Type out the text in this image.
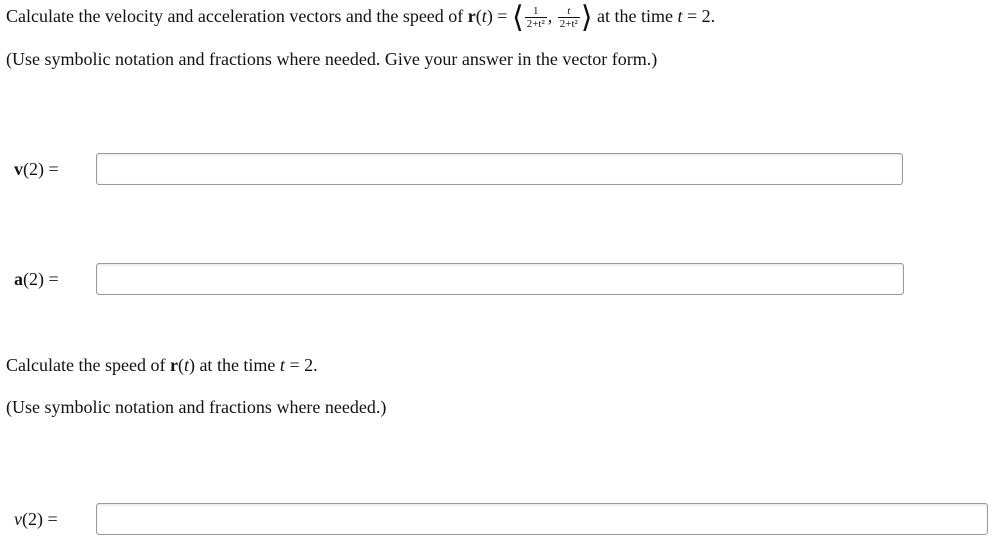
Calculate the velocity and acceleration vectors and the speed of r(t) = ⟨ $\frac{1}{\text{2+t²}}$ , $\frac{t}{\text{2+t²}}$ ⟩ at the time t = 2.
(Use symbolic notation and fractions where needed. Give your answer in the vector form.)
v(2) =
a(2) =
Calculate the speed of r(t) at the time t = 2.
(Use symbolic notation and fractions where needed.)
v(2) =
